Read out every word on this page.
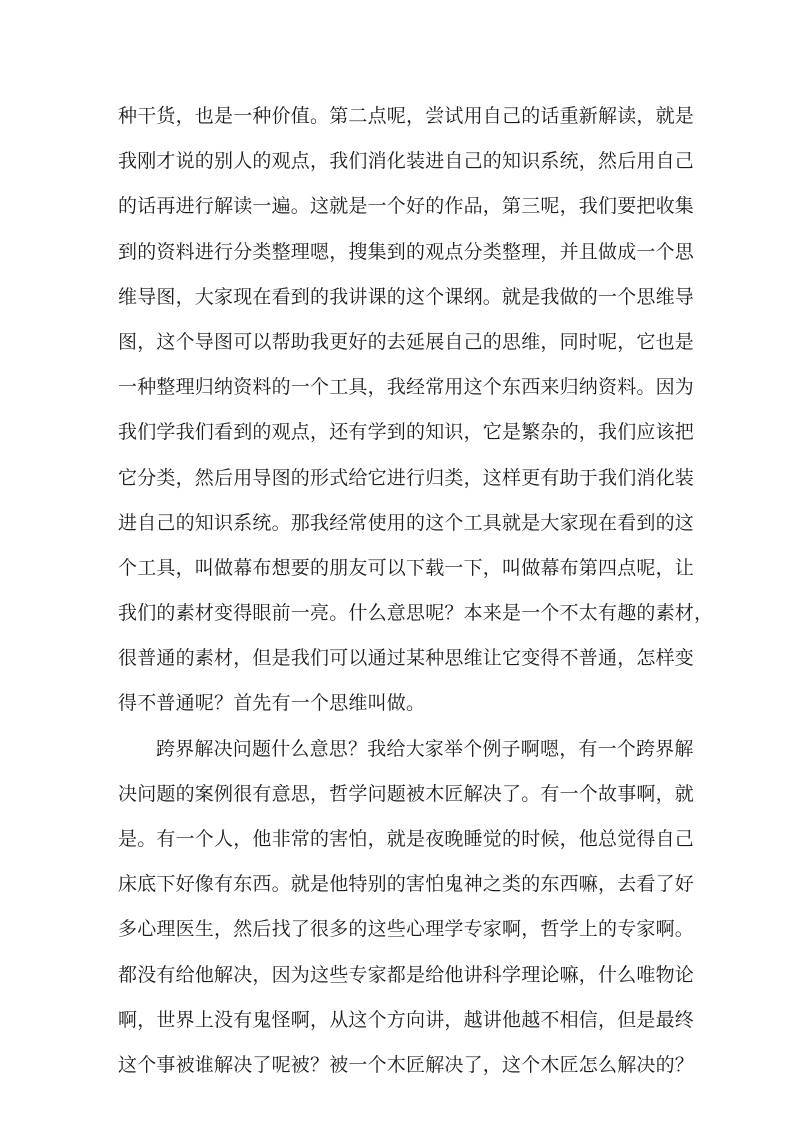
种干货，也是一种价值。第二点呢，尝试用自己的话重新解读，就是
我刚才说的别人的观点，我们消化装进自己的知识系统，然后用自己
的话再进行解读一遍。这就是一个好的作品，第三呢，我们要把收集
到的资料进行分类整理嗯，搜集到的观点分类整理，并且做成一个思
维导图，大家现在看到的我讲课的这个课纲。就是我做的一个思维导
图，这个导图可以帮助我更好的去延展自己的思维，同时呢，它也是
一种整理归纳资料的一个工具，我经常用这个东西来归纳资料。因为
我们学我们看到的观点，还有学到的知识，它是繁杂的，我们应该把
它分类，然后用导图的形式给它进行归类，这样更有助于我们消化装
进自己的知识系统。那我经常使用的这个工具就是大家现在看到的这
个工具，叫做幕布想要的朋友可以下载一下，叫做幕布第四点呢，让
我们的素材变得眼前一亮。什么意思呢？本来是一个不太有趣的素材，
很普通的素材，但是我们可以通过某种思维让它变得不普通，怎样变
得不普通呢？首先有一个思维叫做。
跨界解决问题什么意思？我给大家举个例子啊嗯，有一个跨界解
决问题的案例很有意思，哲学问题被木匠解决了。有一个故事啊，就
是。有一个人，他非常的害怕，就是夜晚睡觉的时候，他总觉得自己
床底下好像有东西。就是他特别的害怕鬼神之类的东西嘛，去看了好
多心理医生，然后找了很多的这些心理学专家啊，哲学上的专家啊。
都没有给他解决，因为这些专家都是给他讲科学理论嘛，什么唯物论
啊，世界上没有鬼怪啊，从这个方向讲，越讲他越不相信，但是最终
这个事被谁解决了呢被？被一个木匠解决了，这个木匠怎么解决的？
